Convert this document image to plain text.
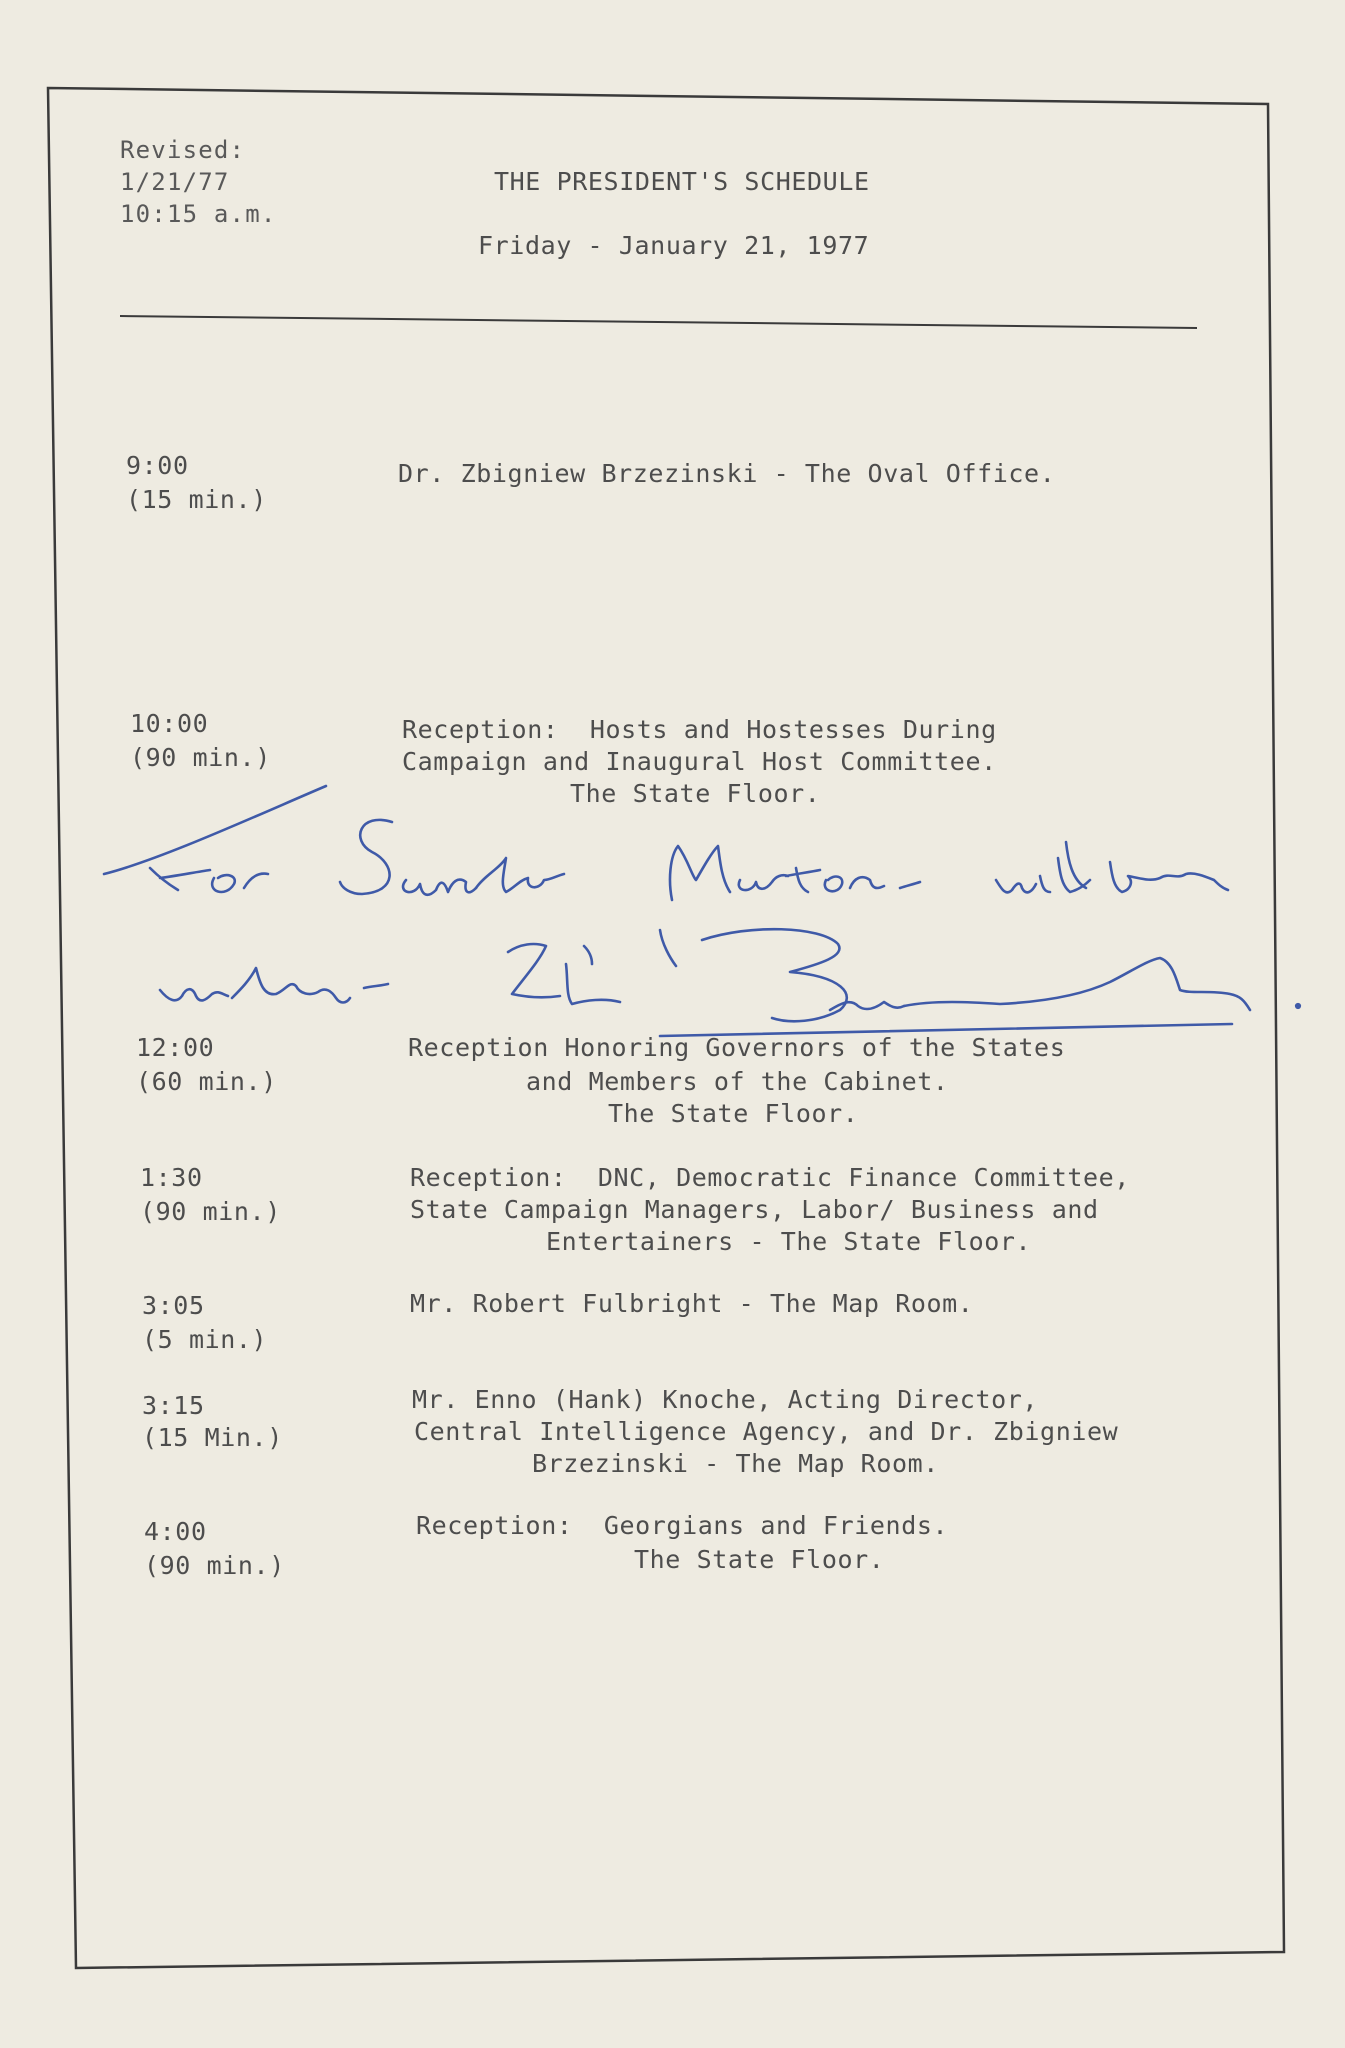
Revised:
1/21/77
10:15 a.m.
THE PRESIDENT'S SCHEDULE
Friday - January 21, 1977
9:00
(15 min.)
Dr. Zbigniew Brzezinski - The Oval Office.
10:00
(90 min.)
Reception:  Hosts and Hostesses During
Campaign and Inaugural Host Committee.
The State Floor.
12:00
(60 min.)
Reception Honoring Governors of the States
and Members of the Cabinet.
The State Floor.
1:30
(90 min.)
Reception:  DNC, Democratic Finance Committee,
State Campaign Managers, Labor/ Business and
Entertainers - The State Floor.
3:05
(5 min.)
Mr. Robert Fulbright - The Map Room.
3:15
(15 Min.)
Mr. Enno (Hank) Knoche, Acting Director,
Central Intelligence Agency, and Dr. Zbigniew
Brzezinski - The Map Room.
4:00
(90 min.)
Reception:  Georgians and Friends.
The State Floor.
